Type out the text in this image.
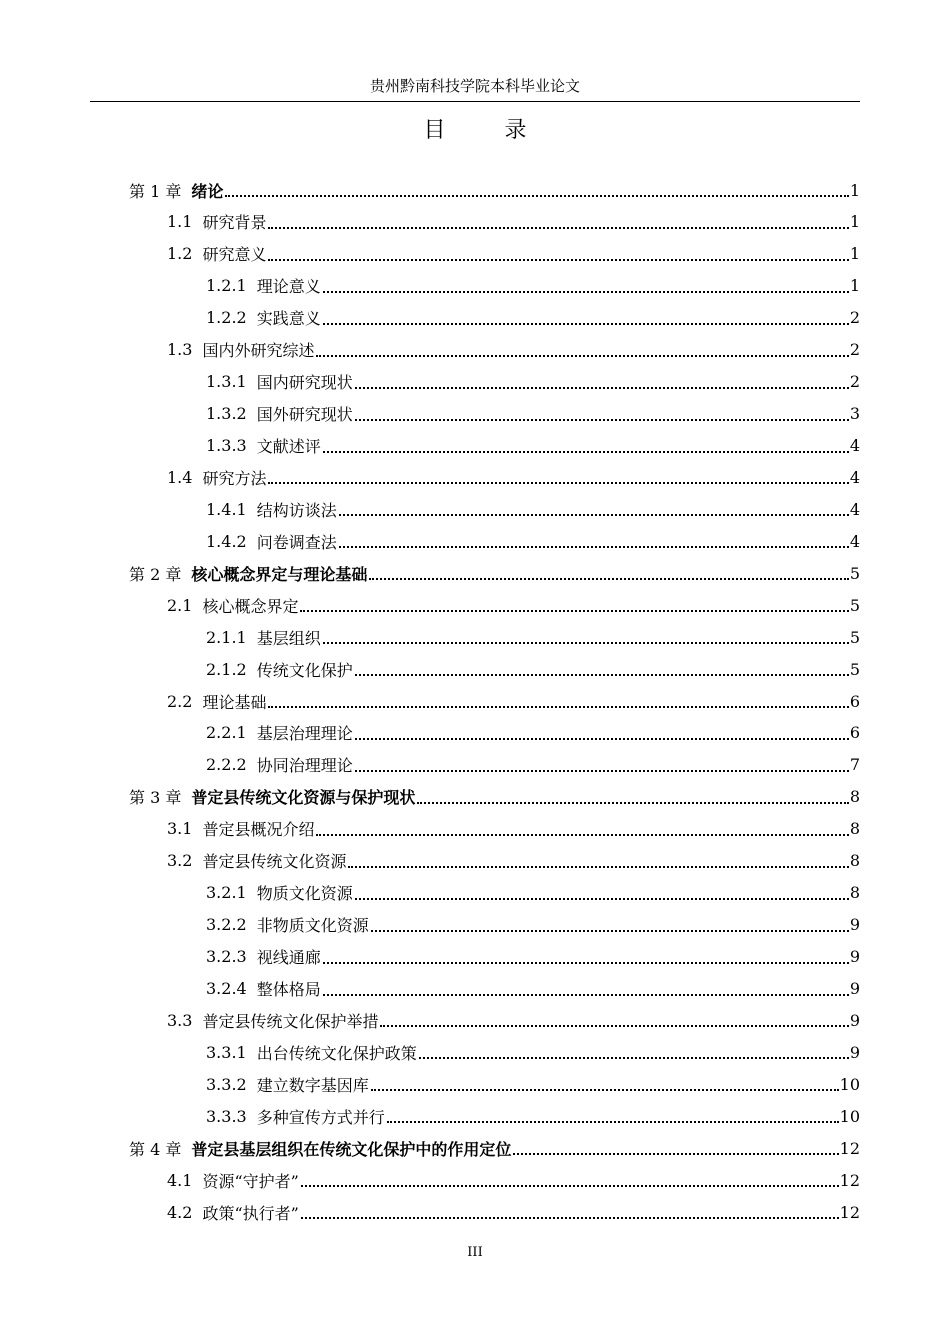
贵州黔南科技学院本科毕业论文
目 录
第 1 章 绪论	1
1.1 研究背景	1
1.2 研究意义	1
1.2.1 理论意义	1
1.2.2 实践意义	2
1.3 国内外研究综述	2
1.3.1 国内研究现状	2
1.3.2 国外研究现状	3
1.3.3 文献述评	4
1.4 研究方法	4
1.4.1 结构访谈法	4
1.4.2 问卷调查法	4
第 2 章 核心概念界定与理论基础	5
2.1 核心概念界定	5
2.1.1 基层组织	5
2.1.2 传统文化保护	5
2.2 理论基础	6
2.2.1 基层治理理论	6
2.2.2 协同治理理论	7
第 3 章 普定县传统文化资源与保护现状	8
3.1 普定县概况介绍	8
3.2 普定县传统文化资源	8
3.2.1 物质文化资源	8
3.2.2 非物质文化资源	9
3.2.3 视线通廊	9
3.2.4 整体格局	9
3.3 普定县传统文化保护举措	9
3.3.1 出台传统文化保护政策	9
3.3.2 建立数字基因库	10
3.3.3 多种宣传方式并行	10
第 4 章 普定县基层组织在传统文化保护中的作用定位	12
4.1 资源“守护者”	12
4.2 政策“执行者”	12
III
